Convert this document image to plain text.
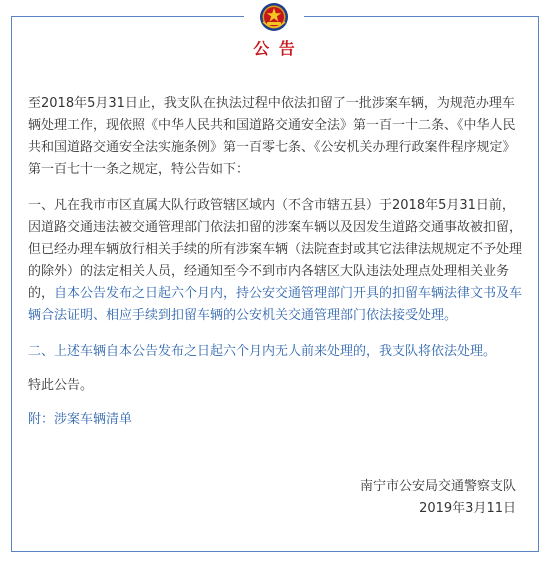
公 告

至2018年5月31日止，我支队在执法过程中依法扣留了一批涉案车辆，为规范办理车辆处理工作，现依照《中华人民共和国道路交通安全法》第一百一十二条、《中华人民共和国道路交通安全法实施条例》第一百零七条、《公安机关办理行政案件程序规定》第一百七十一条之规定，特公告如下：

一、凡在我市市区直属大队行政管辖区域内（不含市辖五县）于2018年5月31日前，因道路交通违法被交通管理部门依法扣留的涉案车辆以及因发生道路交通事故被扣留，但已经办理车辆放行相关手续的所有涉案车辆（法院查封或其它法律法规规定不予处理的除外）的法定相关人员，经通知至今不到市内各辖区大队违法处理点处理相关业务的，自本公告发布之日起六个月内，持公安交通管理部门开具的扣留车辆法律文书及车辆合法证明、相应手续到扣留车辆的公安机关交通管理部门依法接受处理。

二、上述车辆自本公告发布之日起六个月内无人前来处理的，我支队将依法处理。

特此公告。

附：涉案车辆清单

南宁市公安局交通警察支队
2019年3月11日
